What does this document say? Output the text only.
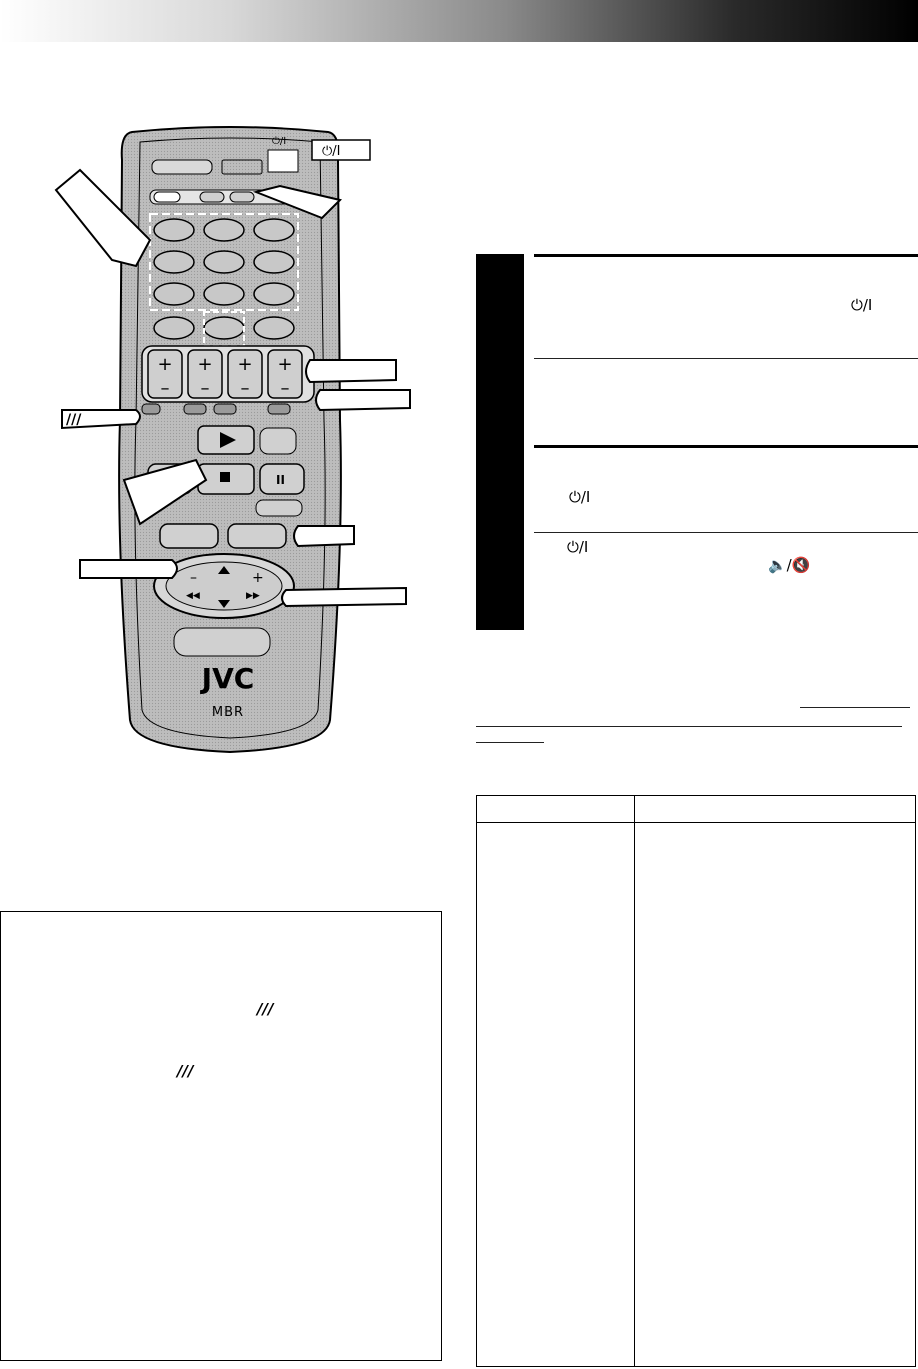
⏻/I
+ + + +
– – – –
II
–	+
◀◀	▶▶
///
⏻/I
JVC
MBR
⏻/I
⏻/I
⏻/I
🔈/🔇
///
///
